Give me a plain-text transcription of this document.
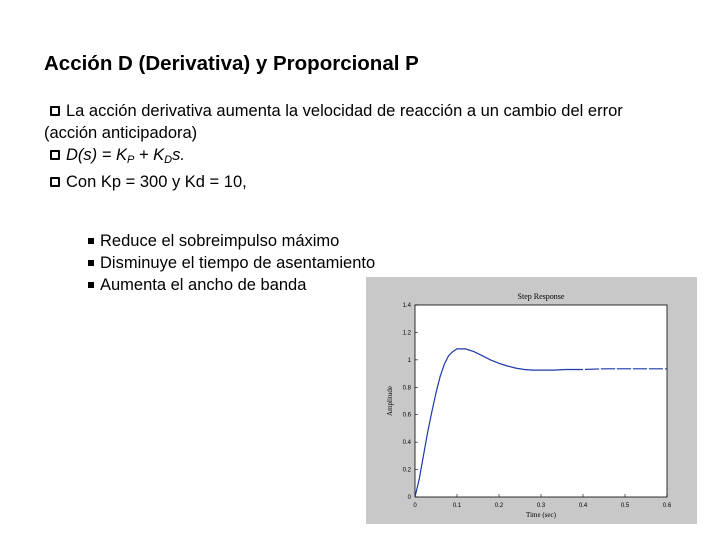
Acción D (Derivativa) y Proporcional P
La acción derivativa aumenta la velocidad de reacción a un cambio del error
(acción anticipadora)
$D(s) = K_P + K_Ds$.
Con Kp = 300 y Kd = 10,
Reduce el sobreimpulso máximo
Disminuye el tiempo de asentamiento
Aumenta el ancho de banda
Step Response
Time (sec)
Amplitude
0	0.1	0.2	0.3	0.4	0.5	0.6
0
0.2
0.4
0.6
0.8
1
1.2
1.4
